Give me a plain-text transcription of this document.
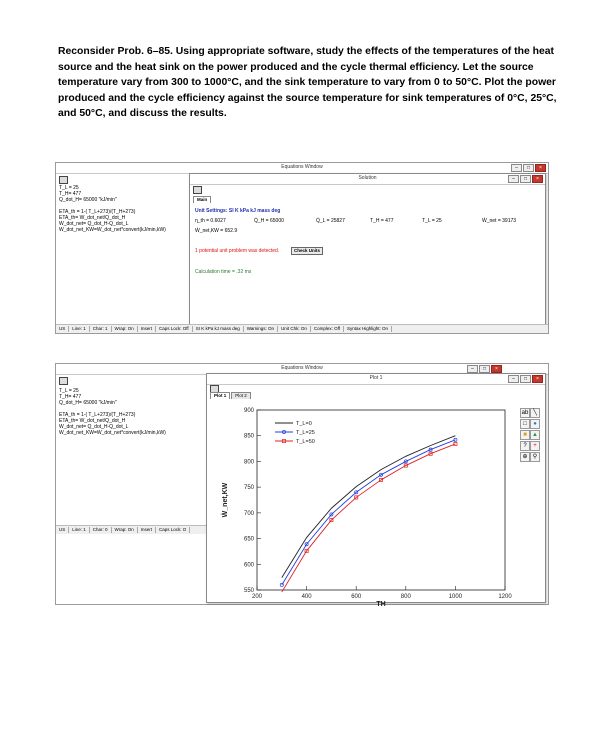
Reconsider Prob. 6–85. Using appropriate software, study the effects of the temperatures of the heat source and the heat sink on the power produced and the cycle thermal efficiency. Let the source temperature vary from 300 to 1000°C, and the sink temperature to vary from 0 to 50°C. Plot the power produced and the cycle efficiency against the source temperature for sink temperatures of 0°C, 25°C, and 50°C, and discuss the results.
Equations Window	–	□	×
T_L = 25
T_H= 477
Q_dot_H= 65000 "kJ/min"
ETA_th = 1-( T_L+273)/(T_H+273)
ETA_th= W_dot_net/Q_dot_H
W_dot_net= Q_dot_H-Q_dot_L
W_dot_net_KW=W_dot_net*convert(kJ/min,kW)
Solution	–	□	×
Main
Unit Settings: SI K kPa kJ mass deg
η_th = 0.6027	Q̇_H = 65000	Q̇_L = 25827	T_H = 477	T_L = 25	Ẇ_net = 39173
Ẇ_net,KW = 652.9
1 potential unit problem was detected.	Check Units
Calculation time = .32 ms
US	Line: 1	Char: 1	Wrap: On	Insert	Caps Lock: Off	SI K kPa kJ mass deg	Warnings: On	Unit Chk: On	Complex: Off	Syntax Highlight: On
Equations Window	–	□	×
T_L = 25
T_H= 477
Q_dot_H= 65000 "kJ/min"
ETA_th = 1-( T_L+273)/(T_H+273)
ETA_th= W_dot_net/Q_dot_H
W_dot_net= Q_dot_H-Q_dot_L
W_dot_net_KW=W_dot_net*convert(kJ/min,kW)
US	Line: 1	Char: 0	Wrap: On	Insert	Caps Lock: O
Plot 1	–	□	×
Plot 1	Plot 2
ab ╲
□	●
■ ▲
?	+
⊕ ⚲
200	400	600	800	1000	1200
550
600
650
700
750
800
850
900
TH
Ẇ_net,KW
T_L=0
T_L=25
T_L=50
